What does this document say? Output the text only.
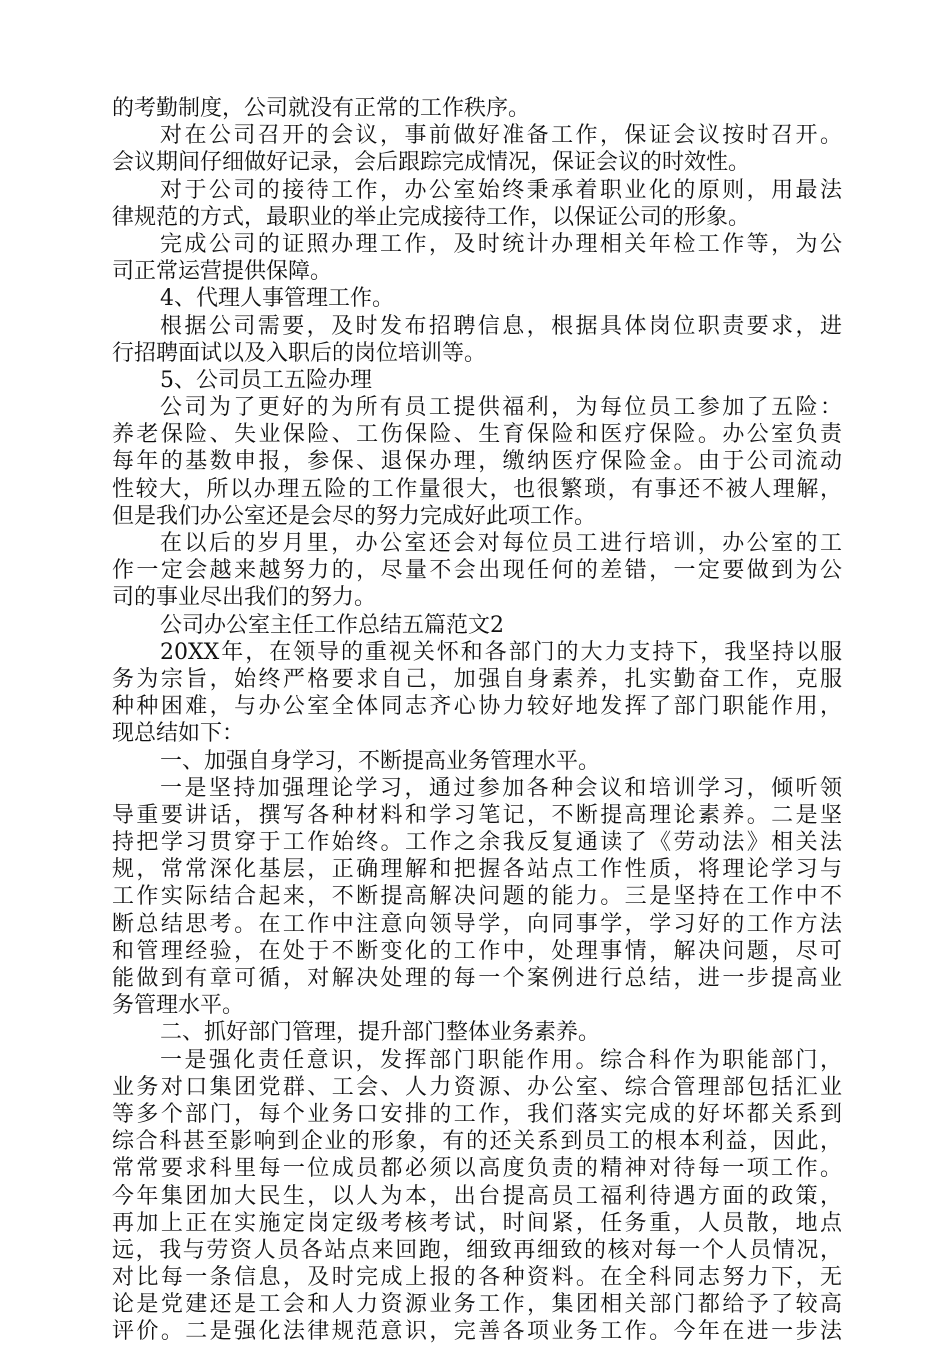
的考勤制度，公司就没有正常的工作秩序。
对在公司召开的会议，事前做好准备工作，保证会议按时召开。
会议期间仔细做好记录，会后跟踪完成情况，保证会议的时效性。
对于公司的接待工作，办公室始终秉承着职业化的原则，用最法
律规范的方式，最职业的举止完成接待工作，以保证公司的形象。
完成公司的证照办理工作，及时统计办理相关年检工作等，为公
司正常运营提供保障。
4、代理人事管理工作。
根据公司需要，及时发布招聘信息，根据具体岗位职责要求，进
行招聘面试以及入职后的岗位培训等。
5、公司员工五险办理
公司为了更好的为所有员工提供福利，为每位员工参加了五险：
养老保险、失业保险、工伤保险、生育保险和医疗保险。办公室负责
每年的基数申报，参保、退保办理，缴纳医疗保险金。由于公司流动
性较大，所以办理五险的工作量很大，也很繁琐，有事还不被人理解，
但是我们办公室还是会尽的努力完成好此项工作。
在以后的岁月里，办公室还会对每位员工进行培训，办公室的工
作一定会越来越努力的，尽量不会出现任何的差错，一定要做到为公
司的事业尽出我们的努力。
公司办公室主任工作总结五篇范文2
20XX年，在领导的重视关怀和各部门的大力支持下，我坚持以服
务为宗旨，始终严格要求自己，加强自身素养，扎实勤奋工作，克服
种种困难，与办公室全体同志齐心协力较好地发挥了部门职能作用，
现总结如下：
一、加强自身学习，不断提高业务管理水平。
一是坚持加强理论学习，通过参加各种会议和培训学习，倾听领
导重要讲话，撰写各种材料和学习笔记，不断提高理论素养。二是坚
持把学习贯穿于工作始终。工作之余我反复通读了《劳动法》相关法
规，常常深化基层，正确理解和把握各站点工作性质，将理论学习与
工作实际结合起来，不断提高解决问题的能力。三是坚持在工作中不
断总结思考。在工作中注意向领导学，向同事学，学习好的工作方法
和管理经验，在处于不断变化的工作中，处理事情，解决问题，尽可
能做到有章可循，对解决处理的每一个案例进行总结，进一步提高业
务管理水平。
二、抓好部门管理，提升部门整体业务素养。
一是强化责任意识，发挥部门职能作用。综合科作为职能部门，
业务对口集团党群、工会、人力资源、办公室、综合管理部包括汇业
等多个部门，每个业务口安排的工作，我们落实完成的好坏都关系到
综合科甚至影响到企业的形象，有的还关系到员工的根本利益，因此，
常常要求科里每一位成员都必须以高度负责的精神对待每一项工作。
今年集团加大民生，以人为本，出台提高员工福利待遇方面的政策，
再加上正在实施定岗定级考核考试，时间紧，任务重，人员散，地点
远，我与劳资人员各站点来回跑，细致再细致的核对每一个人员情况，
对比每一条信息，及时完成上报的各种资料。在全科同志努力下，无
论是党建还是工会和人力资源业务工作，集团相关部门都给予了较高
评价。二是强化法律规范意识，完善各项业务工作。今年在进一步法
